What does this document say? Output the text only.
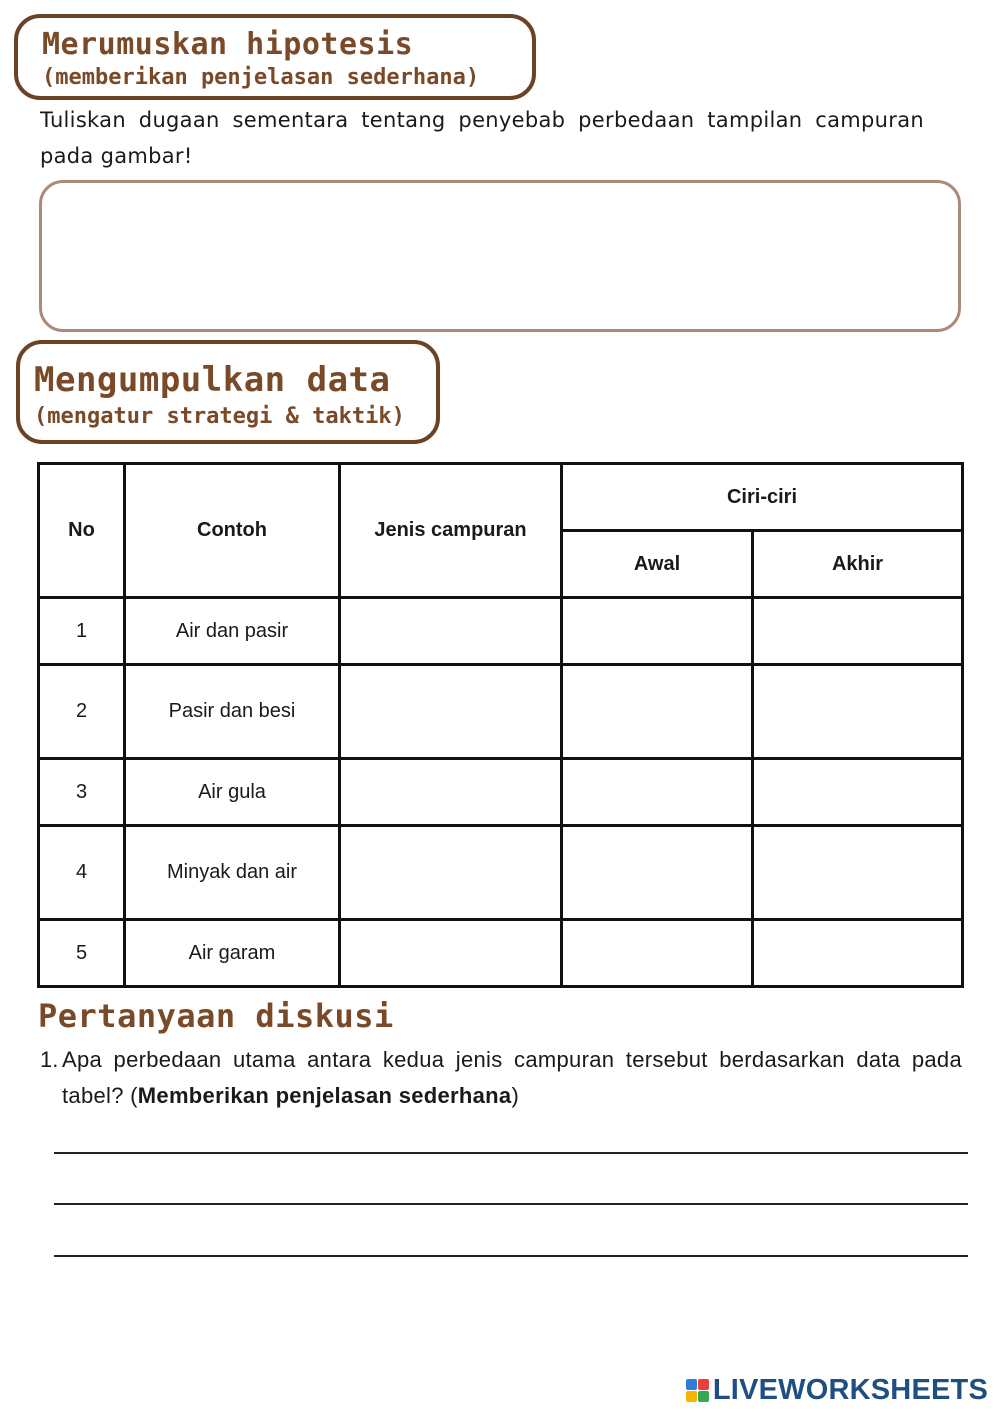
Merumuskan hipotesis
(memberikan penjelasan sederhana)
Tuliskan dugaan sementara tentang penyebab perbedaan tampilan campuran pada gambar!
Mengumpulkan data
(mengatur strategi & taktik)
No	Contoh	Jenis campuran	Ciri-ciri	
			Awal	Akhir
1	Air dan pasir			
2	Pasir dan besi			
3	Air gula			
4	Minyak dan air			
5	Air garam			
Pertanyaan diskusi
1. Apa perbedaan utama antara kedua jenis campuran tersebut berdasarkan data pada tabel? (Memberikan penjelasan sederhana)
LIVEWORKSHEETS
